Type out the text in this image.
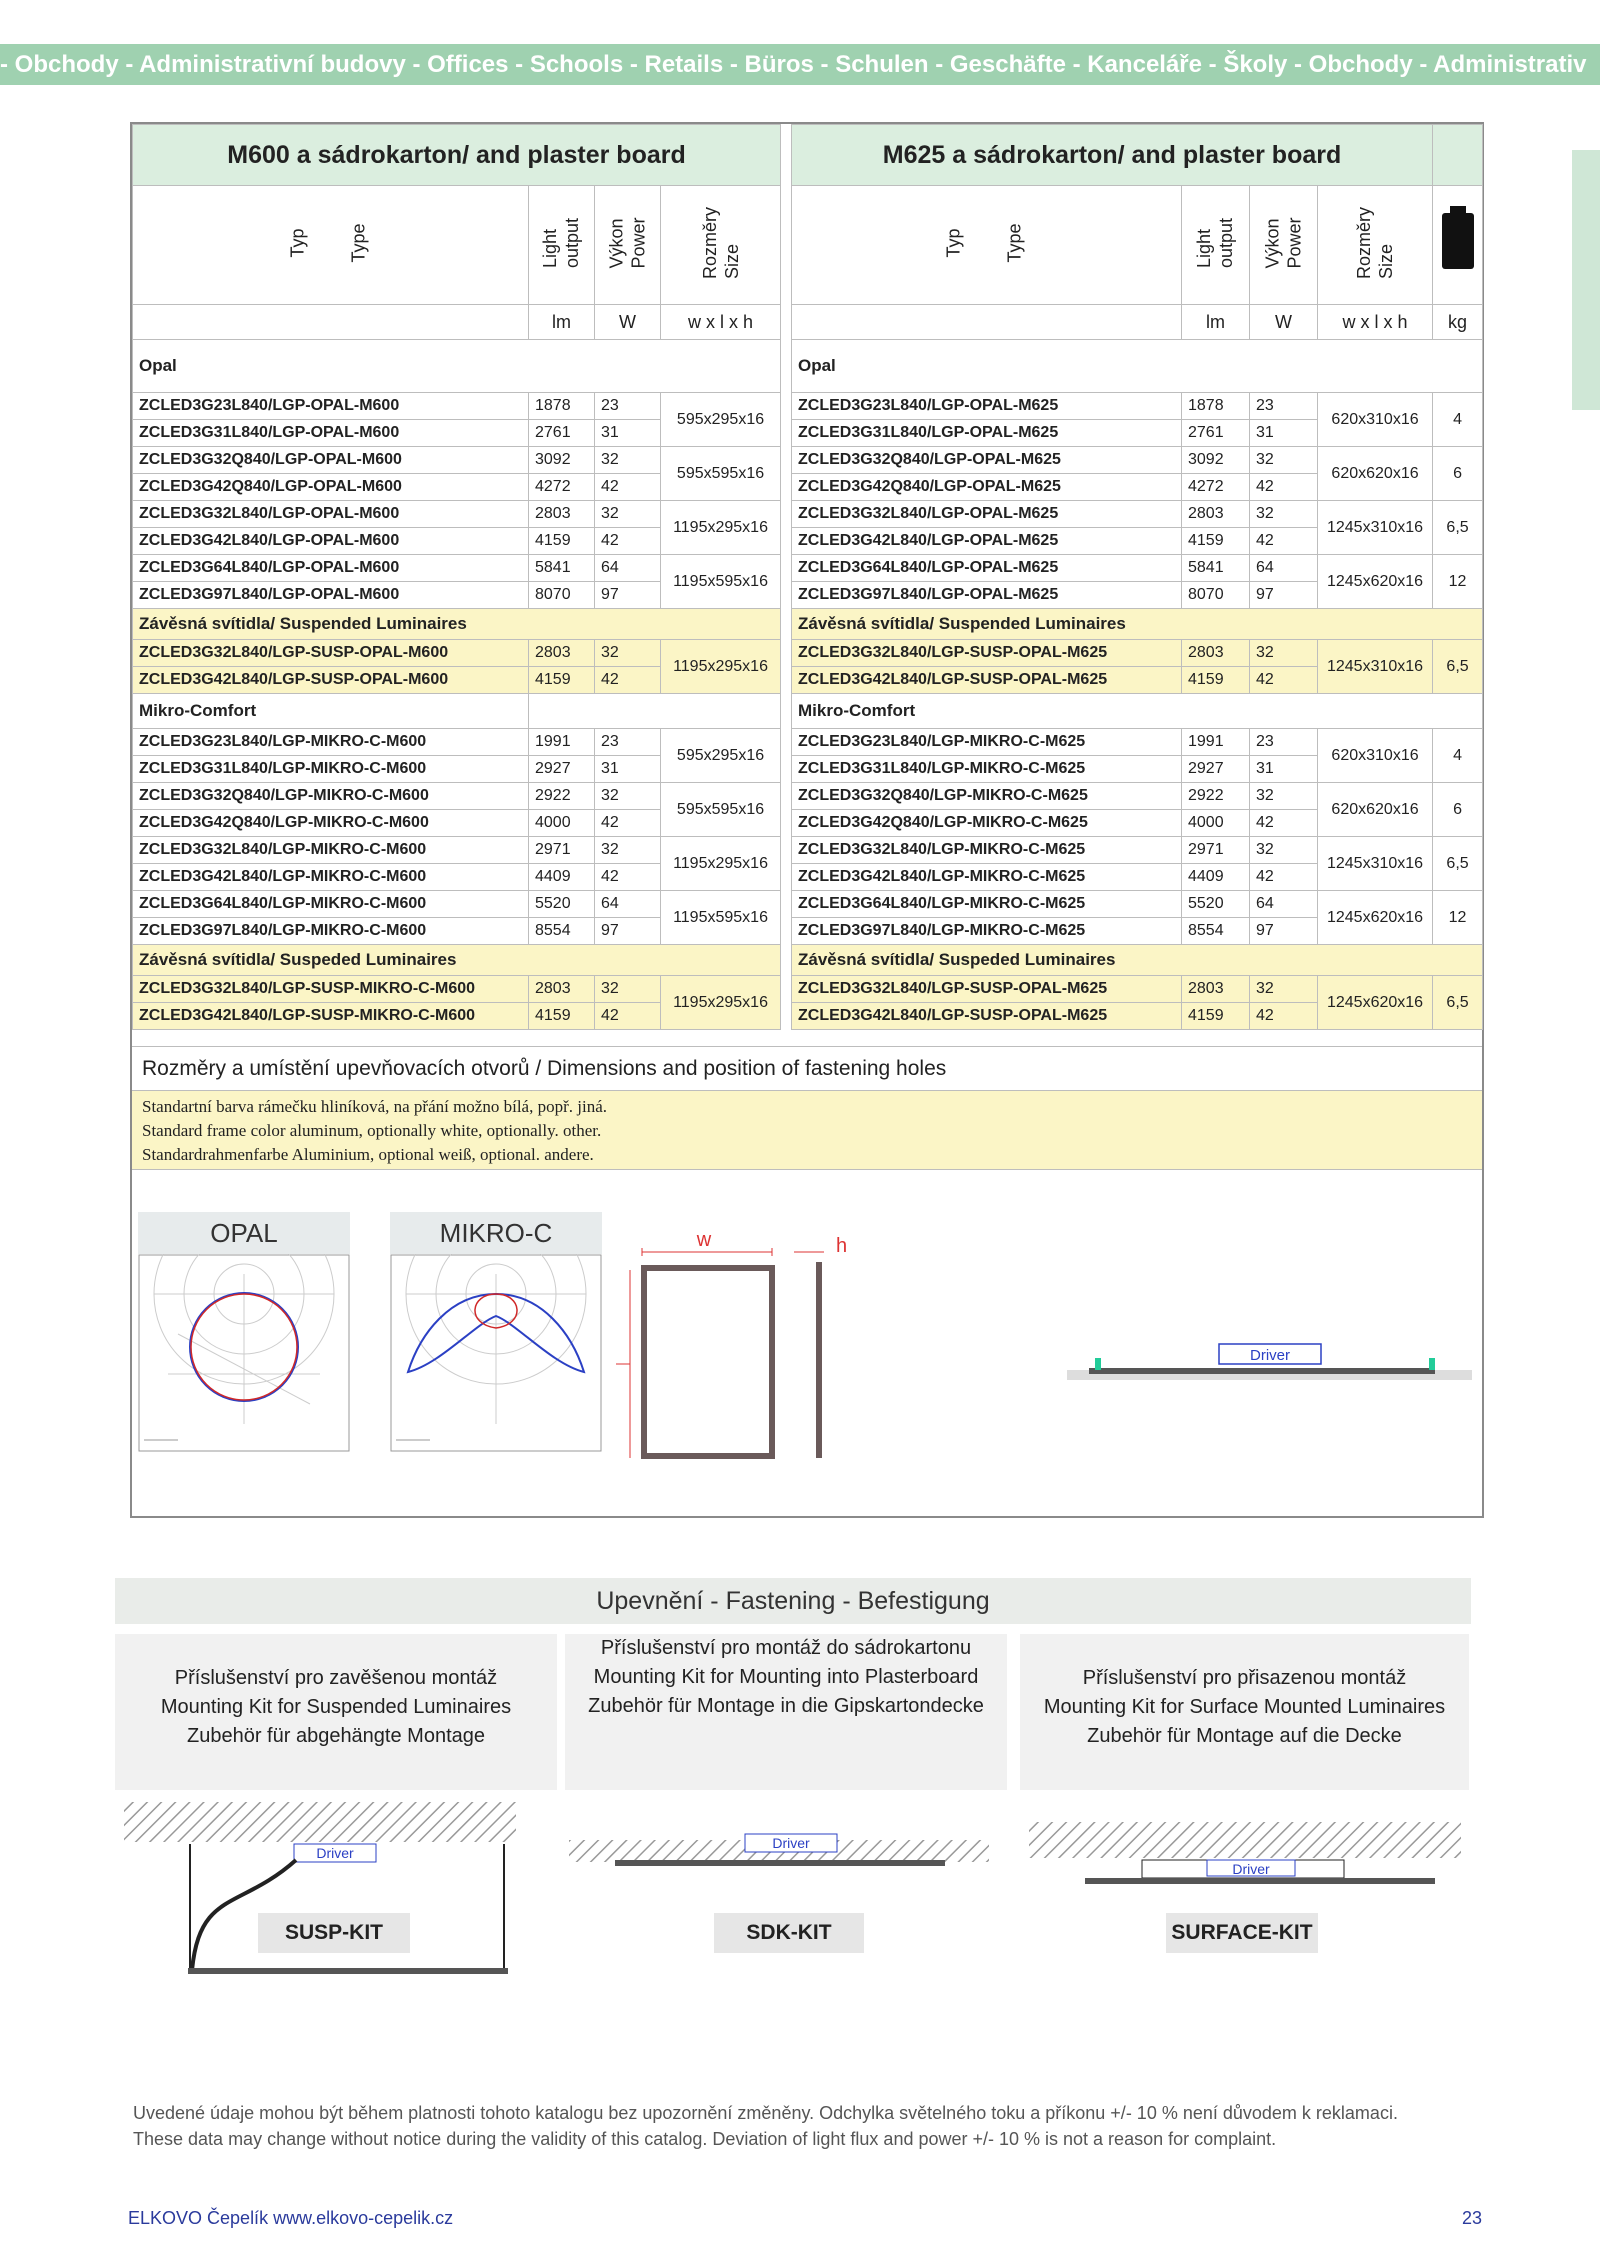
- Obchody - Administrativní budovy - Offices - Schools - Retails - Büros - Schulen - Geschäfte - Kanceláře - Školy - Obchody - Administrativ
M600 a sádrokarton/ and plaster board			
Typ Type	Light output	Výkon Power	Rozměry Size
	lm	W	w x l x h
Opal			
ZCLED3G23L840/LGP-OPAL-M600	1878	23	595x295x16
ZCLED3G31L840/LGP-OPAL-M600	2761	31	
ZCLED3G32Q840/LGP-OPAL-M600	3092	32	595x595x16
ZCLED3G42Q840/LGP-OPAL-M600	4272	42	
ZCLED3G32L840/LGP-OPAL-M600	2803	32	1195x295x16
ZCLED3G42L840/LGP-OPAL-M600	4159	42	
ZCLED3G64L840/LGP-OPAL-M600	5841	64	1195x595x16
ZCLED3G97L840/LGP-OPAL-M600	8070	97	
Závěsná svítidla/ Suspended Luminaires			
ZCLED3G32L840/LGP-SUSP-OPAL-M600	2803	32	1195x295x16
ZCLED3G42L840/LGP-SUSP-OPAL-M600	4159	42	
Mikro-Comfort			
ZCLED3G23L840/LGP-MIKRO-C-M600	1991	23	595x295x16
ZCLED3G31L840/LGP-MIKRO-C-M600	2927	31	
ZCLED3G32Q840/LGP-MIKRO-C-M600	2922	32	595x595x16
ZCLED3G42Q840/LGP-MIKRO-C-M600	4000	42	
ZCLED3G32L840/LGP-MIKRO-C-M600	2971	32	1195x295x16
ZCLED3G42L840/LGP-MIKRO-C-M600	4409	42	
ZCLED3G64L840/LGP-MIKRO-C-M600	5520	64	1195x595x16
ZCLED3G97L840/LGP-MIKRO-C-M600	8554	97	
Závěsná svítidla/ Suspeded Luminaires			
ZCLED3G32L840/LGP-SUSP-MIKRO-C-M600	2803	32	1195x295x16
ZCLED3G42L840/LGP-SUSP-MIKRO-C-M600	4159	42	
M625 a sádrokarton/ and plaster board				
Typ Type	Light output	Výkon Power	Rozměry Size	
	lm	W	w x l x h	kg
Opal				
ZCLED3G23L840/LGP-OPAL-M625	1878	23	620x310x16	4
ZCLED3G31L840/LGP-OPAL-M625	2761	31		
ZCLED3G32Q840/LGP-OPAL-M625	3092	32	620x620x16	6
ZCLED3G42Q840/LGP-OPAL-M625	4272	42		
ZCLED3G32L840/LGP-OPAL-M625	2803	32	1245x310x16	6,5
ZCLED3G42L840/LGP-OPAL-M625	4159	42		
ZCLED3G64L840/LGP-OPAL-M625	5841	64	1245x620x16	12
ZCLED3G97L840/LGP-OPAL-M625	8070	97		
Závěsná svítidla/ Suspended Luminaires				
ZCLED3G32L840/LGP-SUSP-OPAL-M625	2803	32	1245x310x16	6,5
ZCLED3G42L840/LGP-SUSP-OPAL-M625	4159	42		
Mikro-Comfort				
ZCLED3G23L840/LGP-MIKRO-C-M625	1991	23	620x310x16	4
ZCLED3G31L840/LGP-MIKRO-C-M625	2927	31		
ZCLED3G32Q840/LGP-MIKRO-C-M625	2922	32	620x620x16	6
ZCLED3G42Q840/LGP-MIKRO-C-M625	4000	42		
ZCLED3G32L840/LGP-MIKRO-C-M625	2971	32	1245x310x16	6,5
ZCLED3G42L840/LGP-MIKRO-C-M625	4409	42		
ZCLED3G64L840/LGP-MIKRO-C-M625	5520	64	1245x620x16	12
ZCLED3G97L840/LGP-MIKRO-C-M625	8554	97		
Závěsná svítidla/ Suspeded Luminaires				
ZCLED3G32L840/LGP-SUSP-OPAL-M625	2803	32	1245x620x16	6,5
ZCLED3G42L840/LGP-SUSP-OPAL-M625	4159	42		
Rozměry a umístění upevňovacích otvorů / Dimensions and position of fastening holes
Standartní barva rámečku hliníková, na přání možno bílá, popř. jiná.
Standard frame color aluminum, optionally white, optionally. other.
Standardrahmenfarbe Aluminium, optional weiß, optional. andere.
OPAL	MIKRO-C	w	h
Driver
Upevnění - Fastening - Befestigung
Příslušenství pro zavěšenou montáž
Mounting Kit for Suspended Luminaires
Zubehör für abgehängte Montage
Příslušenství pro montáž do sádrokartonu
Mounting Kit for Mounting into Plasterboard
Zubehör für Montage in die Gipskartondecke
Příslušenství pro přisazenou montáž
Mounting Kit for Surface Mounted Luminaires
Zubehör für Montage auf die Decke
Driver
SUSP-KIT
Driver
SDK-KIT
Driver
SURFACE-KIT
Uvedené údaje mohou být během platnosti tohoto katalogu bez upozornění změněny. Odchylka světelného toku a příkonu +/- 10 % není důvodem k reklamaci.
These data may change without notice during the validity of this catalog. Deviation of light flux and power +/- 10 % is not a reason for complaint.
ELKOVO Čepelík www.elkovo-cepelik.cz	23
